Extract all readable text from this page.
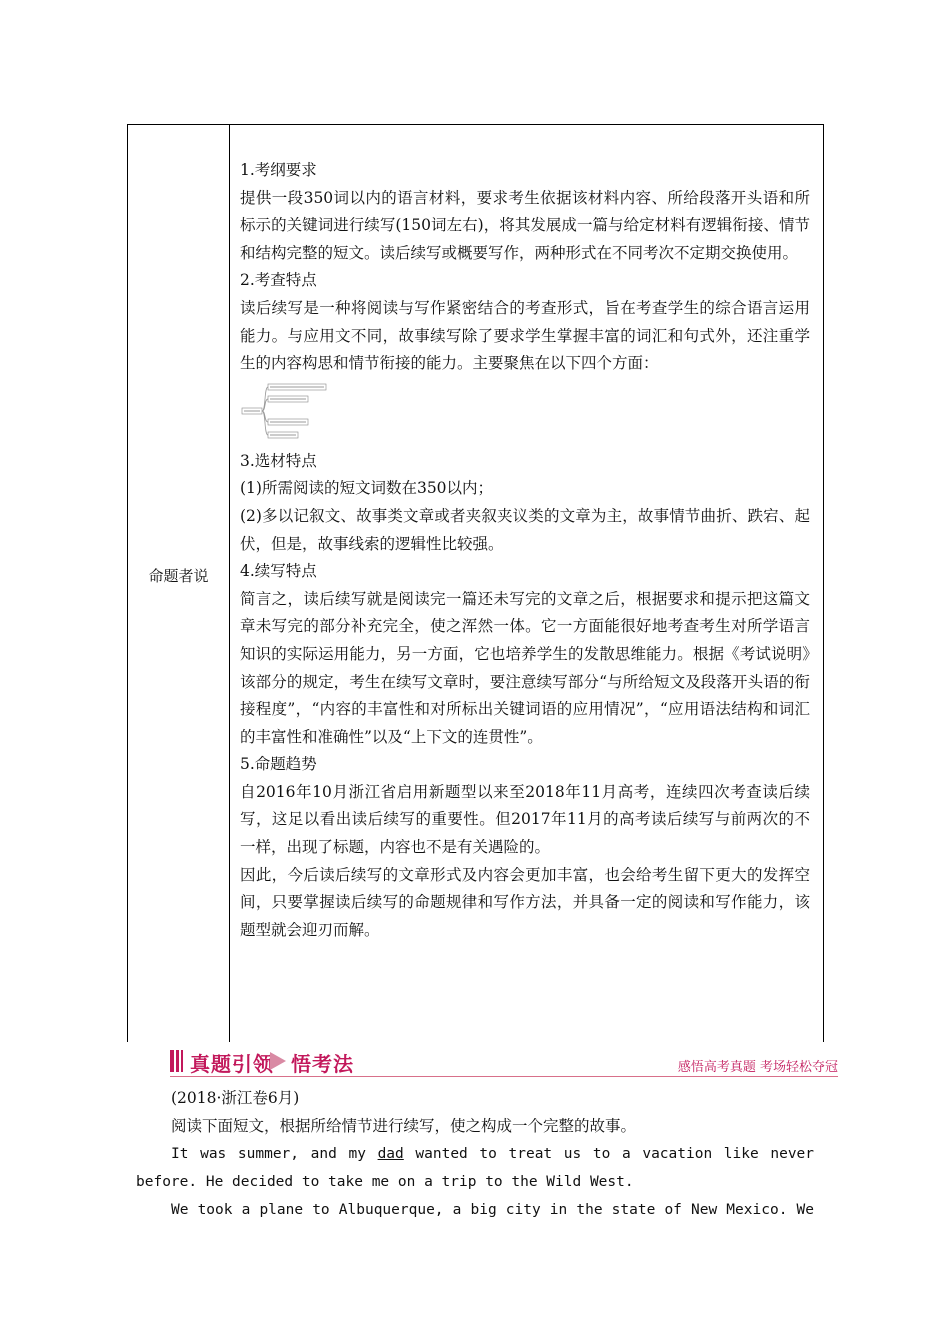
命题者说

1.考纲要求

提供一段350词以内的语言材料，要求考生依据该材料内容、所给段落开头语和所标示的关键词进行续写(150词左右)，将其发展成一篇与给定材料有逻辑衔接、情节和结构完整的短文。读后续写或概要写作，两种形式在不同考次不定期交换使用。

2.考查特点

读后续写是一种将阅读与写作紧密结合的考查形式，旨在考查学生的综合语言运用能力。与应用文不同，故事续写除了要求学生掌握丰富的词汇和句式外，还注重学生的内容构思和情节衔接的能力。主要聚焦在以下四个方面：

3.选材特点

(1)所需阅读的短文词数在350以内；

(2)多以记叙文、故事类文章或者夹叙夹议类的文章为主，故事情节曲折、跌宕、起伏，但是，故事线索的逻辑性比较强。

4.续写特点

简言之，读后续写就是阅读完一篇还未写完的文章之后，根据要求和提示把这篇文章未写完的部分补充完全，使之浑然一体。它一方面能很好地考查考生对所学语言知识的实际运用能力，另一方面，它也培养学生的发散思维能力。根据《考试说明》该部分的规定，考生在续写文章时，要注意续写部分“与所给短文及段落开头语的衔接程度”，“内容的丰富性和对所标出关键词语的应用情况”，“应用语法结构和词汇的丰富性和准确性”以及“上下文的连贯性”。

5.命题趋势

自2016年10月浙江省启用新题型以来至2018年11月高考，连续四次考查读后续写，这足以看出读后续写的重要性。但2017年11月的高考读后续写与前两次的不一样，出现了标题，内容也不是有关遇险的。

因此，今后读后续写的文章形式及内容会更加丰富，也会给考生留下更大的发挥空间，只要掌握读后续写的命题规律和写作方法，并具备一定的阅读和写作能力，该题型就会迎刃而解。

真题引领 悟考法	感悟高考真题 考场轻松夺冠

(2018·浙江卷6月)

阅读下面短文，根据所给情节进行续写，使之构成一个完整的故事。

It was summer, and my dad wanted to treat us to a vacation like never

before. He decided to take me on a trip to the Wild West.

We took a plane to Albuquerque, a big city in the state of New Mexico. We
